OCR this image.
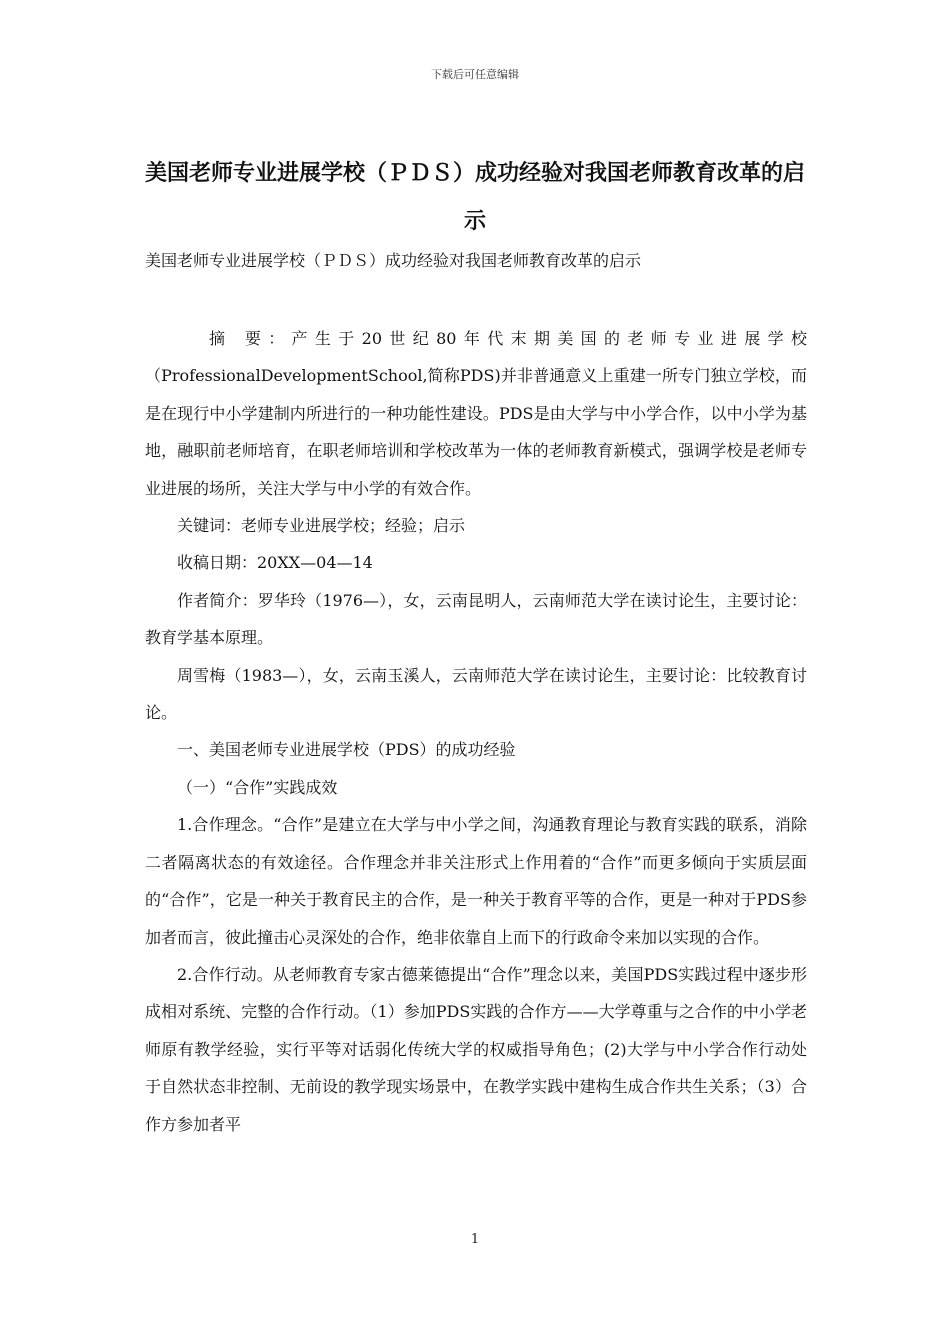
下载后可任意编辑
美国老师专业进展学校（ＰＤＳ）成功经验对我国老师教育改革的启示

美国老师专业进展学校（ＰＤＳ）成功经验对我国老师教育改革的启示

摘 要：产生于20世纪80年代末期美国的老师专业进展学校（ProfessionalDevelopmentSchool,简称PDS)并非普通意义上重建一所专门独立学校，而是在现行中小学建制内所进行的一种功能性建设。PDS是由大学与中小学合作，以中小学为基地，融职前老师培育，在职老师培训和学校改革为一体的老师教育新模式，强调学校是老师专业进展的场所，关注大学与中小学的有效合作。

关键词：老师专业进展学校；经验；启示

收稿日期：20XX—04—14

作者简介：罗华玲（1976—），女，云南昆明人，云南师范大学在读讨论生，主要讨论：教育学基本原理。

周雪梅（1983—），女，云南玉溪人，云南师范大学在读讨论生，主要讨论：比较教育讨论。

一、美国老师专业进展学校（PDS）的成功经验

（一）“合作”实践成效

1.合作理念。“合作”是建立在大学与中小学之间，沟通教育理论与教育实践的联系，消除二者隔离状态的有效途径。合作理念并非关注形式上作用着的“合作”而更多倾向于实质层面的“合作”，它是一种关于教育民主的合作，是一种关于教育平等的合作，更是一种对于PDS参加者而言，彼此撞击心灵深处的合作，绝非依靠自上而下的行政命令来加以实现的合作。

2.合作行动。从老师教育专家古德莱德提出“合作”理念以来，美国PDS实践过程中逐步形成相对系统、完整的合作行动。（1）参加PDS实践的合作方——大学尊重与之合作的中小学老师原有教学经验，实行平等对话弱化传统大学的权威指导角色；(2)大学与中小学合作行动处于自然状态非控制、无前设的教学现实场景中，在教学实践中建构生成合作共生关系；（3）合作方参加者平

1
